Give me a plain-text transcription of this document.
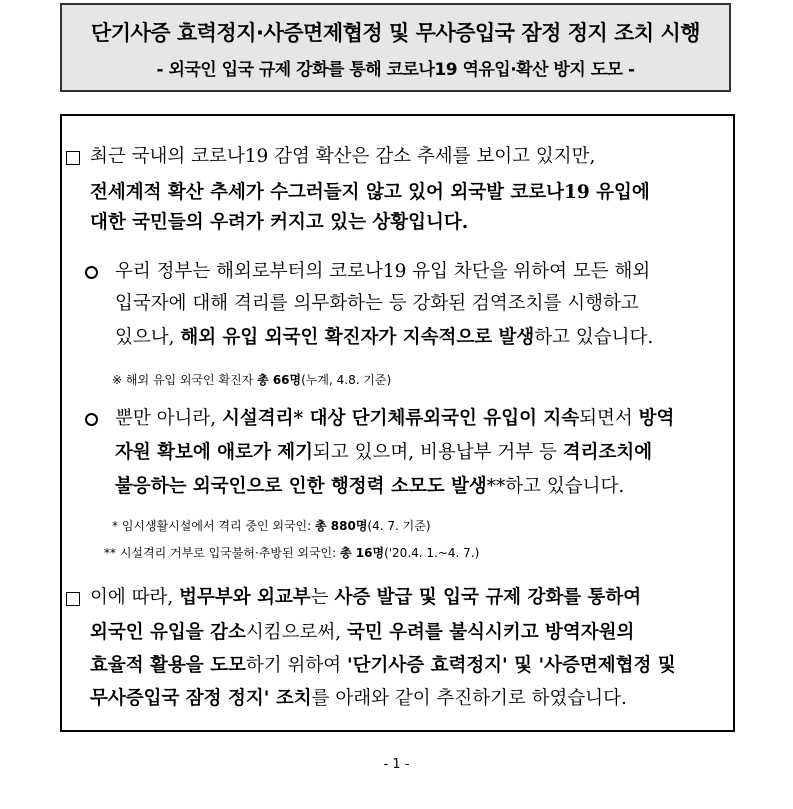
단기사증 효력정지·사증면제협정 및 무사증입국 잠정 정지 조치 시행
- 외국인 입국 규제 강화를 통해 코로나19 역유입·확산 방지 도모 -
최근 국내의 코로나19 감염 확산은 감소 추세를 보이고 있지만,
전세계적 확산 추세가 수그러들지 않고 있어 외국발 코로나19 유입에
대한 국민들의 우려가 커지고 있는 상황입니다.
우리 정부는 해외로부터의 코로나19 유입 차단을 위하여 모든 해외
입국자에 대해 격리를 의무화하는 등 강화된 검역조치를 시행하고
있으나, 해외 유입 외국인 확진자가 지속적으로 발생하고 있습니다.
※ 해외 유입 외국인 확진자 총 66명(누계, 4.8. 기준)
뿐만 아니라, 시설격리* 대상 단기체류외국인 유입이 지속되면서 방역
자원 확보에 애로가 제기되고 있으며, 비용납부 거부 등 격리조치에
불응하는 외국인으로 인한 행정력 소모도 발생**하고 있습니다.
* 임시생활시설에서 격리 중인 외국인: 총 880명(4. 7. 기준)
** 시설격리 거부로 입국불허·추방된 외국인: 총 16명('20.4. 1.~4. 7.)
이에 따라, 법무부와 외교부는 사증 발급 및 입국 규제 강화를 통하여
외국인 유입을 감소시킴으로써, 국민 우려를 불식시키고 방역자원의
효율적 활용을 도모하기 위하여 '단기사증 효력정지' 및 '사증면제협정 및
무사증입국 잠정 정지' 조치를 아래와 같이 추진하기로 하였습니다.
- 1 -
